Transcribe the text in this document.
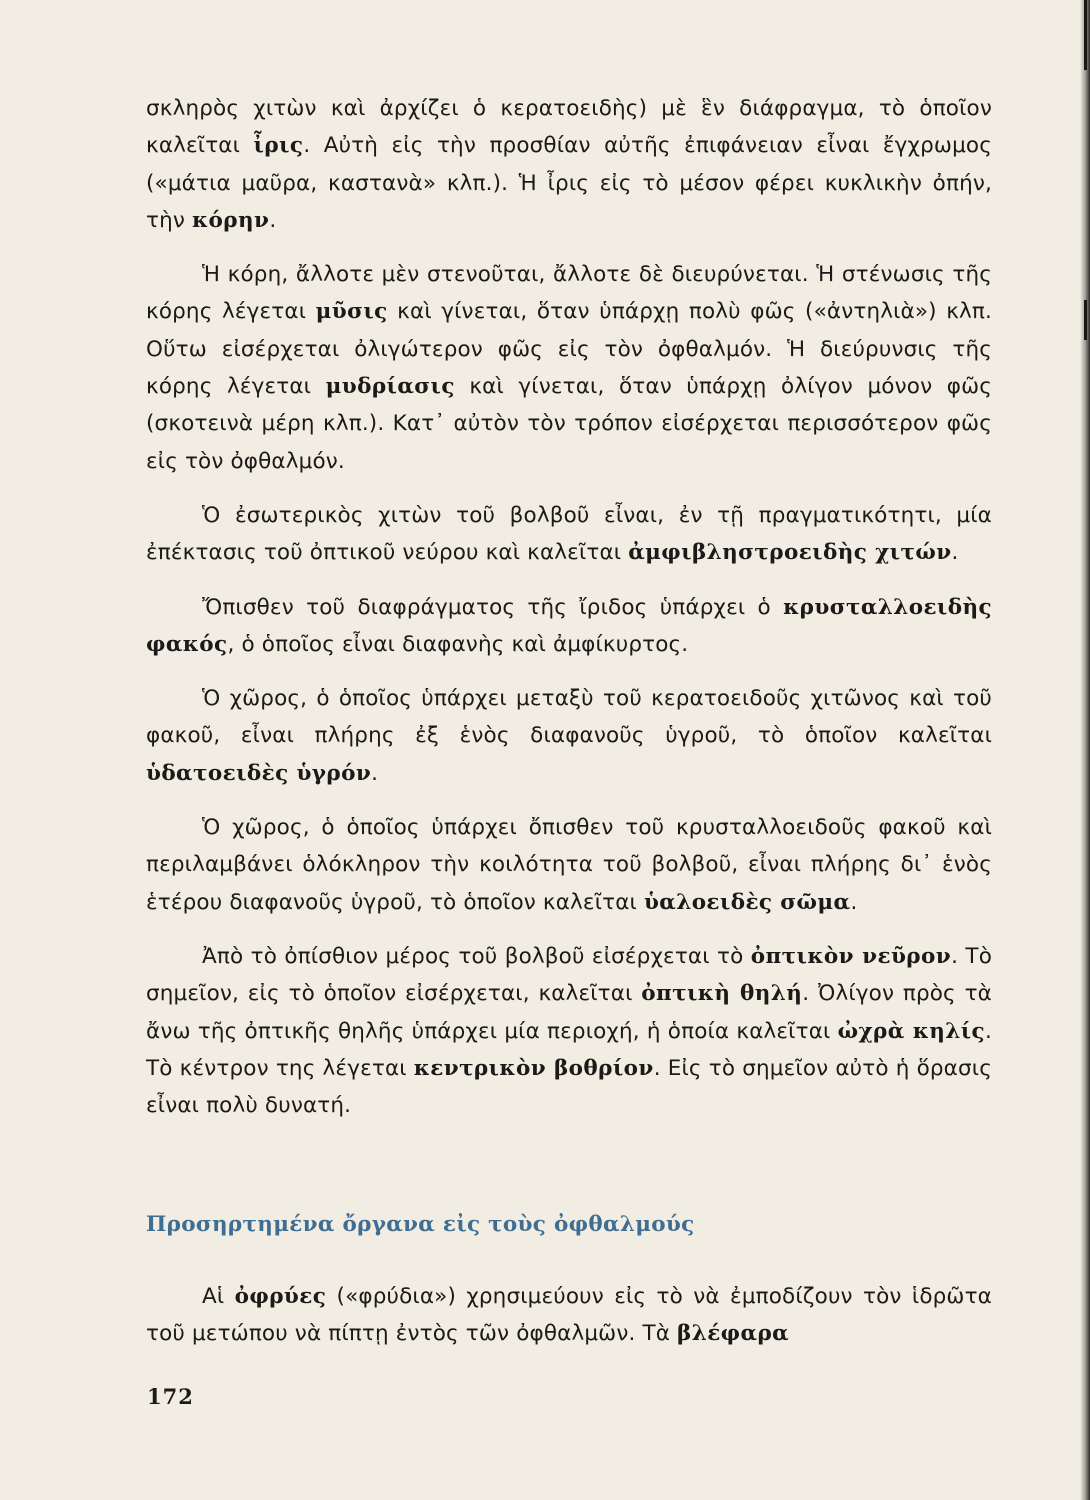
σκληρὸς χιτὼν καὶ ἀρχίζει ὁ κερατοειδὴς) μὲ ἓν διάφραγμα, τὸ ὁποῖον καλεῖται ἶρις. Αὐτὴ εἰς τὴν προσθίαν αὐτῆς ἐπιφάνειαν εἶναι ἔγχρωμος («μάτια μαῦρα, καστανὰ» κλπ.). Ἡ ἶρις εἰς τὸ μέσον φέρει κυκλικὴν ὀπήν, τὴν κόρην.

Ἡ κόρη, ἄλλοτε μὲν στενοῦται, ἄλλοτε δὲ διευρύνεται. Ἡ στένωσις τῆς κόρης λέγεται μῦσις καὶ γίνεται, ὅταν ὑπάρχῃ πολὺ φῶς («ἀντηλιὰ») κλπ. Οὕτω εἰσέρχεται ὀλιγώτερον φῶς εἰς τὸν ὀφθαλμόν. Ἡ διεύρυνσις τῆς κόρης λέγεται μυδρίασις καὶ γίνεται, ὅταν ὑπάρχῃ ὀλίγον μόνον φῶς (σκοτεινὰ μέρη κλπ.). Κατ᾽ αὐτὸν τὸν τρόπον εἰσέρχεται περισσότερον φῶς εἰς τὸν ὀφθαλμόν.

Ὁ ἐσωτερικὸς χιτὼν τοῦ βολβοῦ εἶναι, ἐν τῇ πραγματικότητι, μία ἐπέκτασις τοῦ ὀπτικοῦ νεύρου καὶ καλεῖται ἀμφιβληστροειδὴς χιτών.

Ὄπισθεν τοῦ διαφράγματος τῆς ἴριδος ὑπάρχει ὁ κρυσταλλοειδὴς φακός, ὁ ὁποῖος εἶναι διαφανὴς καὶ ἀμφίκυρτος.

Ὁ χῶρος, ὁ ὁποῖος ὑπάρχει μεταξὺ τοῦ κερατοειδοῦς χιτῶνος καὶ τοῦ φακοῦ, εἶναι πλήρης ἐξ ἑνὸς διαφανοῦς ὑγροῦ, τὸ ὁποῖον καλεῖται ὑδατοειδὲς ὑγρόν.

Ὁ χῶρος, ὁ ὁποῖος ὑπάρχει ὄπισθεν τοῦ κρυσταλλοειδοῦς φακοῦ καὶ περιλαμβάνει ὁλόκληρον τὴν κοιλότητα τοῦ βολβοῦ, εἶναι πλήρης δι᾽ ἑνὸς ἑτέρου διαφανοῦς ὑγροῦ, τὸ ὁποῖον καλεῖται ὑαλοειδὲς σῶμα.

Ἀπὸ τὸ ὀπίσθιον μέρος τοῦ βολβοῦ εἰσέρχεται τὸ ὀπτικὸν νεῦρον. Τὸ σημεῖον, εἰς τὸ ὁποῖον εἰσέρχεται, καλεῖται ὀπτικὴ θηλή. Ὀλίγον πρὸς τὰ ἄνω τῆς ὀπτικῆς θηλῆς ὑπάρχει μία περιοχή, ἡ ὁποία καλεῖται ὠχρὰ κηλίς. Τὸ κέντρον της λέγεται κεντρικὸν βοθρίον. Εἰς τὸ σημεῖον αὐτὸ ἡ ὅρασις εἶναι πολὺ δυνατή.

Προσηρτημένα ὄργανα εἰς τοὺς ὀφθαλμούς

Αἱ ὀφρύες («φρύδια») χρησιμεύουν εἰς τὸ νὰ ἐμποδίζουν τὸν ἱδρῶτα τοῦ μετώπου νὰ πίπτῃ ἐντὸς τῶν ὀφθαλμῶν. Τὰ βλέφαρα

172
